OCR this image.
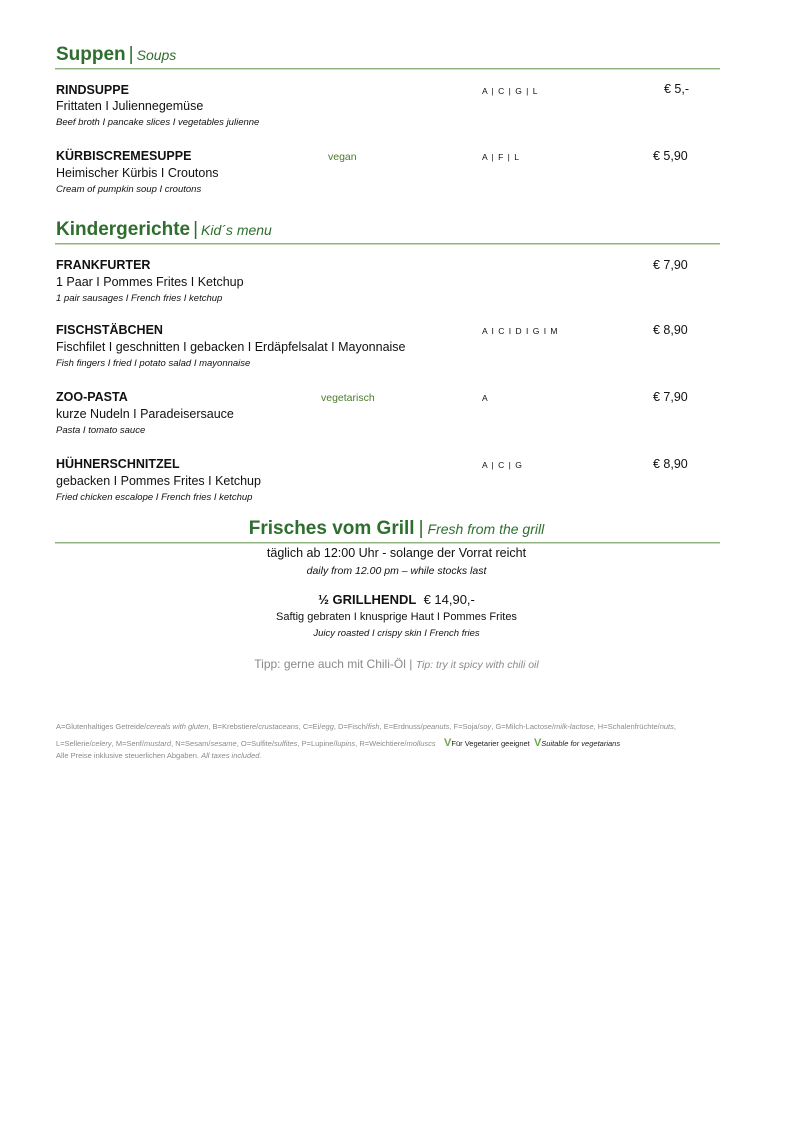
Suppen | Soups
RINDSUPPE	A | C | G | L	€ 5,-
Frittaten I Juliennegemüse
Beef broth I pancake slices I vegetables julienne
KÜRBISCREMESUPPE	vegan	A | F | L	€ 5,90
Heimischer Kürbis I Croutons
Cream of pumpkin soup I croutons
Kindergerichte | Kid´s menu
FRANKFURTER	€ 7,90
1 Paar I Pommes Frites I Ketchup
1 pair sausages I French fries I ketchup
FISCHSTÄBCHEN	A I C I D I G I M	€ 8,90
Fischfilet I geschnitten I gebacken I Erdäpfelsalat I Mayonnaise
Fish fingers I fried I potato salad I mayonnaise
ZOO-PASTA	vegetarisch	A	€ 7,90
kurze Nudeln I Paradeisersauce
Pasta I tomato sauce
HÜHNERSCHNITZEL	A | C | G	€ 8,90
gebacken I Pommes Frites I Ketchup
Fried chicken escalope I French fries I ketchup
Frisches vom Grill | Fresh from the grill
täglich ab 12:00 Uhr - solange der Vorrat reicht
daily from 12.00 pm – while stocks last
½ GRILLHENDL € 14,90,-
Saftig gebraten I knusprige Haut I Pommes Frites
Juicy roasted I crispy skin I French fries
Tipp: gerne auch mit Chili-Öl | Tip: try it spicy with chili oil
A=Glutenhaltiges Getreide/cereals with gluten, B=Krebstiere/crustaceans, C=Ei/egg, D=Fisch/fish, E=Erdnuss/peanuts, F=Soja/soy, G=Milch-Lactose/milk-lactose, H=Schalenfrüchte/nuts,
L=Sellerie/celery, M=Senf/mustard, N=Sesam/sesame, O=Sulfite/sulfites, P=Lupine/lupins, R=Weichtiere/molluscs VFür Vegetarier geeignet VSuitable for vegetarians
Alle Preise inklusive steuerlichen Abgaben. All taxes included.
